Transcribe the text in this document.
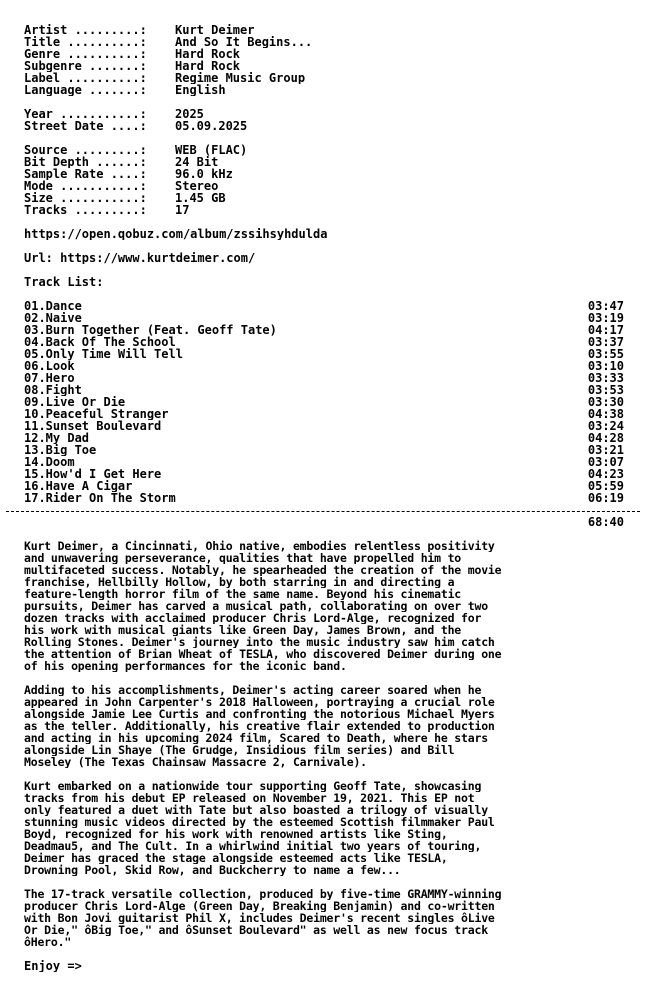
Artist .........: Kurt Deimer
Title ..........: And So It Begins...
Genre ..........: Hard Rock
Subgenre .......: Hard Rock
Label ..........: Regime Music Group
Language .......: English
Year ...........: 2025
Street Date ....: 05.09.2025
Source .........: WEB (FLAC)
Bit Depth ......: 24 Bit
Sample Rate ....: 96.0 kHz
Mode ...........: Stereo
Size ...........: 1.45 GB
Tracks .........: 17
https://open.qobuz.com/album/zssihsyhdulda
Url: https://www.kurtdeimer.com/
Track List:
01.Dance	03:47
02.Naive	03:19
03.Burn Together (Feat. Geoff Tate)	04:17
04.Back Of The School	03:37
05.Only Time Will Tell	03:55
06.Look	03:10
07.Hero	03:33
08.Fight	03:53
09.Live Or Die	03:30
10.Peaceful Stranger	04:38
11.Sunset Boulevard	03:24
12.My Dad	04:28
13.Big Toe	03:21
14.Doom	03:07
15.How'd I Get Here	04:23
16.Have A Cigar	05:59
17.Rider On The Storm	06:19
68:40
Kurt Deimer, a Cincinnati, Ohio native, embodies relentless positivity
and unwavering perseverance, qualities that have propelled him to
multifaceted success. Notably, he spearheaded the creation of the movie
franchise, Hellbilly Hollow, by both starring in and directing a
feature-length horror film of the same name. Beyond his cinematic
pursuits, Deimer has carved a musical path, collaborating on over two
dozen tracks with acclaimed producer Chris Lord-Alge, recognized for
his work with musical giants like Green Day, James Brown, and the
Rolling Stones. Deimer's journey into the music industry saw him catch
the attention of Brian Wheat of TESLA, who discovered Deimer during one
of his opening performances for the iconic band.
Adding to his accomplishments, Deimer's acting career soared when he
appeared in John Carpenter's 2018 Halloween, portraying a crucial role
alongside Jamie Lee Curtis and confronting the notorious Michael Myers
as the teller. Additionally, his creative flair extended to production
and acting in his upcoming 2024 film, Scared to Death, where he stars
alongside Lin Shaye (The Grudge, Insidious film series) and Bill
Moseley (The Texas Chainsaw Massacre 2, Carnivale).
Kurt embarked on a nationwide tour supporting Geoff Tate, showcasing
tracks from his debut EP released on November 19, 2021. This EP not
only featured a duet with Tate but also boasted a trilogy of visually
stunning music videos directed by the esteemed Scottish filmmaker Paul
Boyd, recognized for his work with renowned artists like Sting,
Deadmau5, and The Cult. In a whirlwind initial two years of touring,
Deimer has graced the stage alongside esteemed acts like TESLA,
Drowning Pool, Skid Row, and Buckcherry to name a few...
The 17-track versatile collection, produced by five-time GRAMMY-winning
producer Chris Lord-Alge (Green Day, Breaking Benjamin) and co-written
with Bon Jovi guitarist Phil X, includes Deimer's recent singles ôLive
Or Die," ôBig Toe," and ôSunset Boulevard" as well as new focus track
ôHero."
Enjoy =>
